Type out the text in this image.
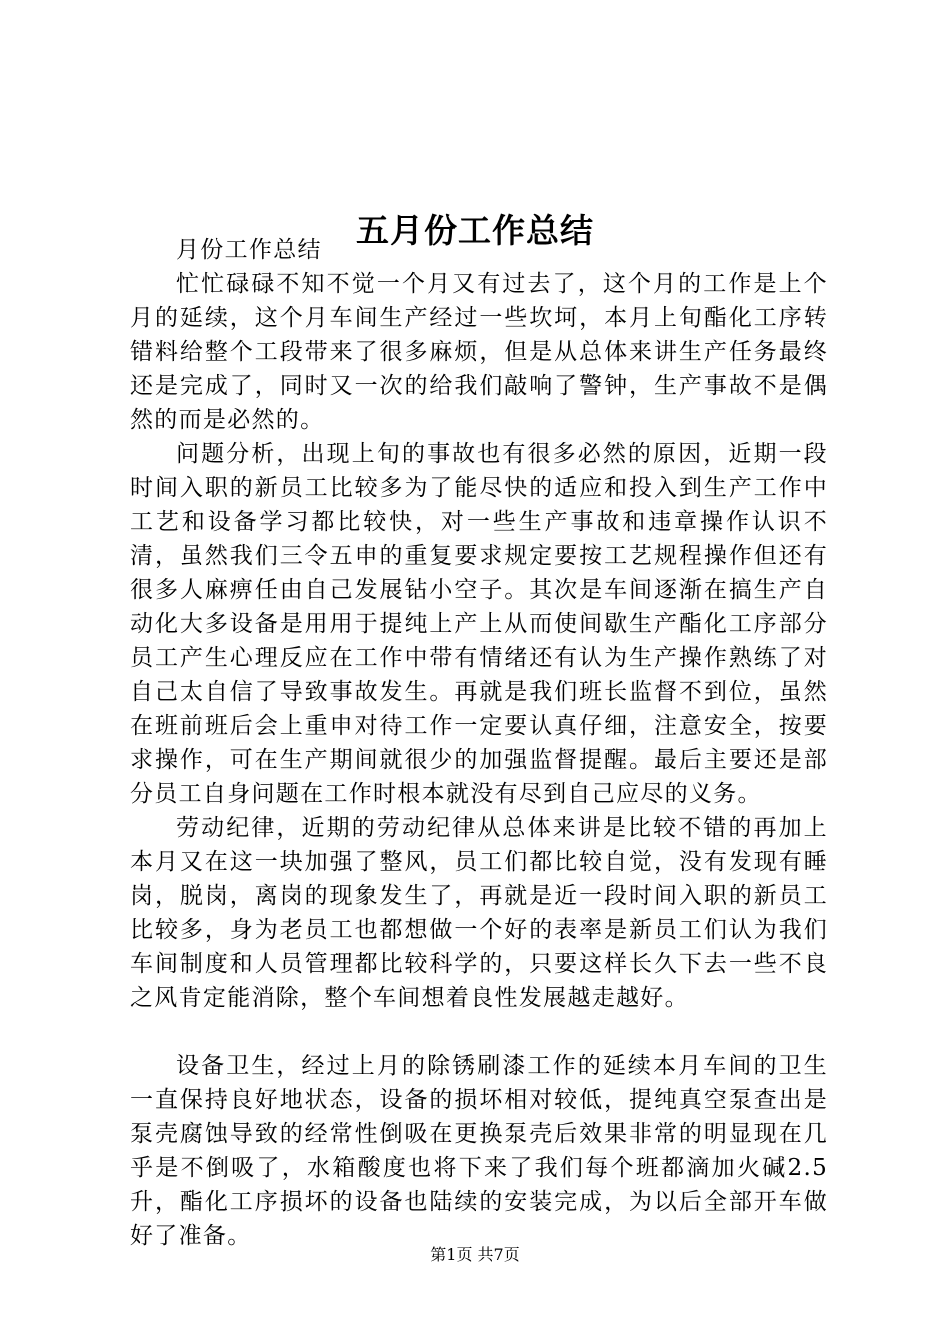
五月份工作总结

月份工作总结

忙忙碌碌不知不觉一个月又有过去了，这个月的工作是上个月的延续，这个月车间生产经过一些坎坷，本月上旬酯化工序转错料给整个工段带来了很多麻烦，但是从总体来讲生产任务最终还是完成了，同时又一次的给我们敲响了警钟，生产事故不是偶然的而是必然的。

问题分析，出现上旬的事故也有很多必然的原因，近期一段时间入职的新员工比较多为了能尽快的适应和投入到生产工作中工艺和设备学习都比较快，对一些生产事故和违章操作认识不清，虽然我们三令五申的重复要求规定要按工艺规程操作但还有很多人麻痹任由自己发展钻小空子。其次是车间逐渐在搞生产自动化大多设备是用用于提纯上产上从而使间歇生产酯化工序部分员工产生心理反应在工作中带有情绪还有认为生产操作熟练了对自己太自信了导致事故发生。再就是我们班长监督不到位，虽然在班前班后会上重申对待工作一定要认真仔细，注意安全，按要求操作，可在生产期间就很少的加强监督提醒。最后主要还是部分员工自身问题在工作时根本就没有尽到自己应尽的义务。

劳动纪律，近期的劳动纪律从总体来讲是比较不错的再加上本月又在这一块加强了整风，员工们都比较自觉，没有发现有睡岗，脱岗，离岗的现象发生了，再就是近一段时间入职的新员工比较多，身为老员工也都想做一个好的表率是新员工们认为我们车间制度和人员管理都比较科学的，只要这样长久下去一些不良之风肯定能消除，整个车间想着良性发展越走越好。

设备卫生，经过上月的除锈刷漆工作的延续本月车间的卫生一直保持良好地状态，设备的损坏相对较低，提纯真空泵查出是泵壳腐蚀导致的经常性倒吸在更换泵壳后效果非常的明显现在几乎是不倒吸了，水箱酸度也将下来了我们每个班都滴加火碱2.5升，酯化工序损坏的设备也陆续的安装完成，为以后全部开车做好了准备。

第1页 共7页
